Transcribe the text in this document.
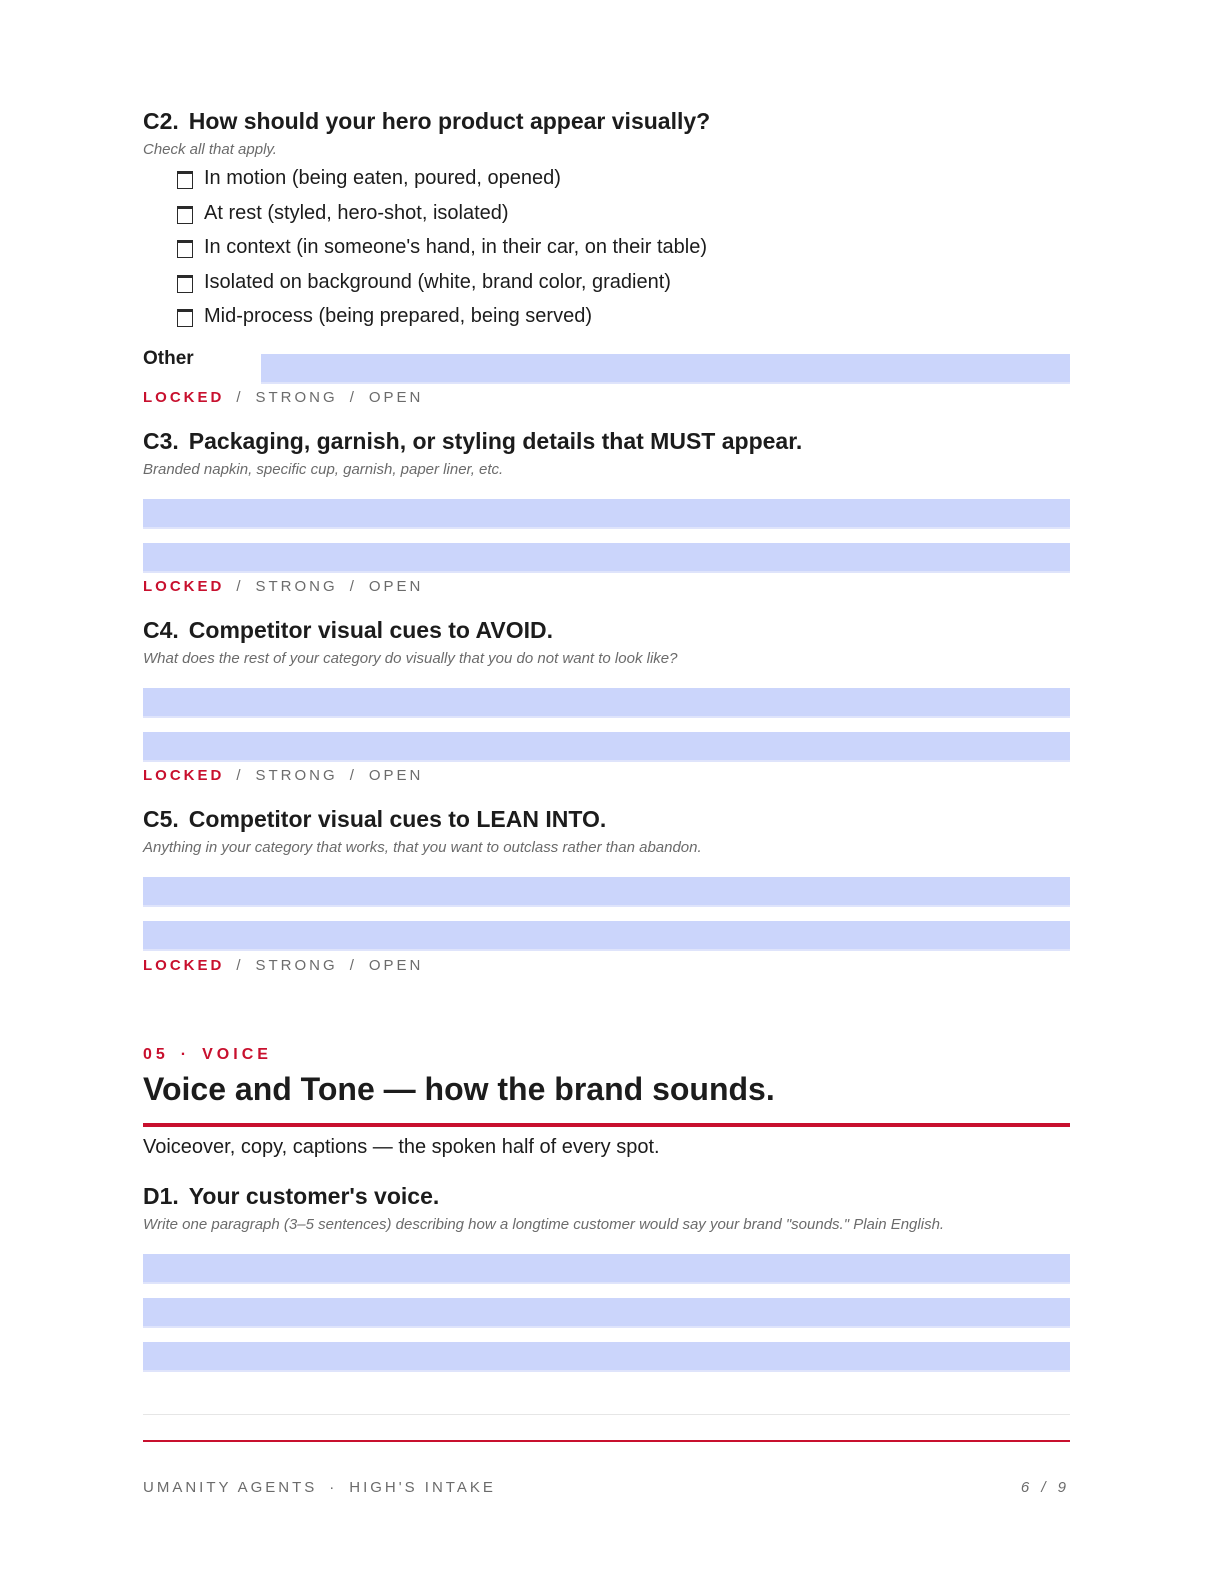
C2. How should your hero product appear visually?

Check all that apply.

In motion (being eaten, poured, opened)
At rest (styled, hero-shot, isolated)
In context (in someone's hand, in their car, on their table)
Isolated on background (white, brand color, gradient)
Mid-process (being prepared, being served)
Other
LOCKED / STRONG / OPEN
C3. Packaging, garnish, or styling details that MUST appear.

Branded napkin, specific cup, garnish, paper liner, etc.

LOCKED / STRONG / OPEN
C4. Competitor visual cues to AVOID.

What does the rest of your category do visually that you do not want to look like?

LOCKED / STRONG / OPEN
C5. Competitor visual cues to LEAN INTO.

Anything in your category that works, that you want to outclass rather than abandon.

LOCKED / STRONG / OPEN
05 · VOICE
Voice and Tone — how the brand sounds.
Voiceover, copy, captions — the spoken half of every spot.
D1. Your customer's voice.

Write one paragraph (3–5 sentences) describing how a longtime customer would say your brand "sounds." Plain English.

UMANITY AGENTS · HIGH'S INTAKE	6 / 9
